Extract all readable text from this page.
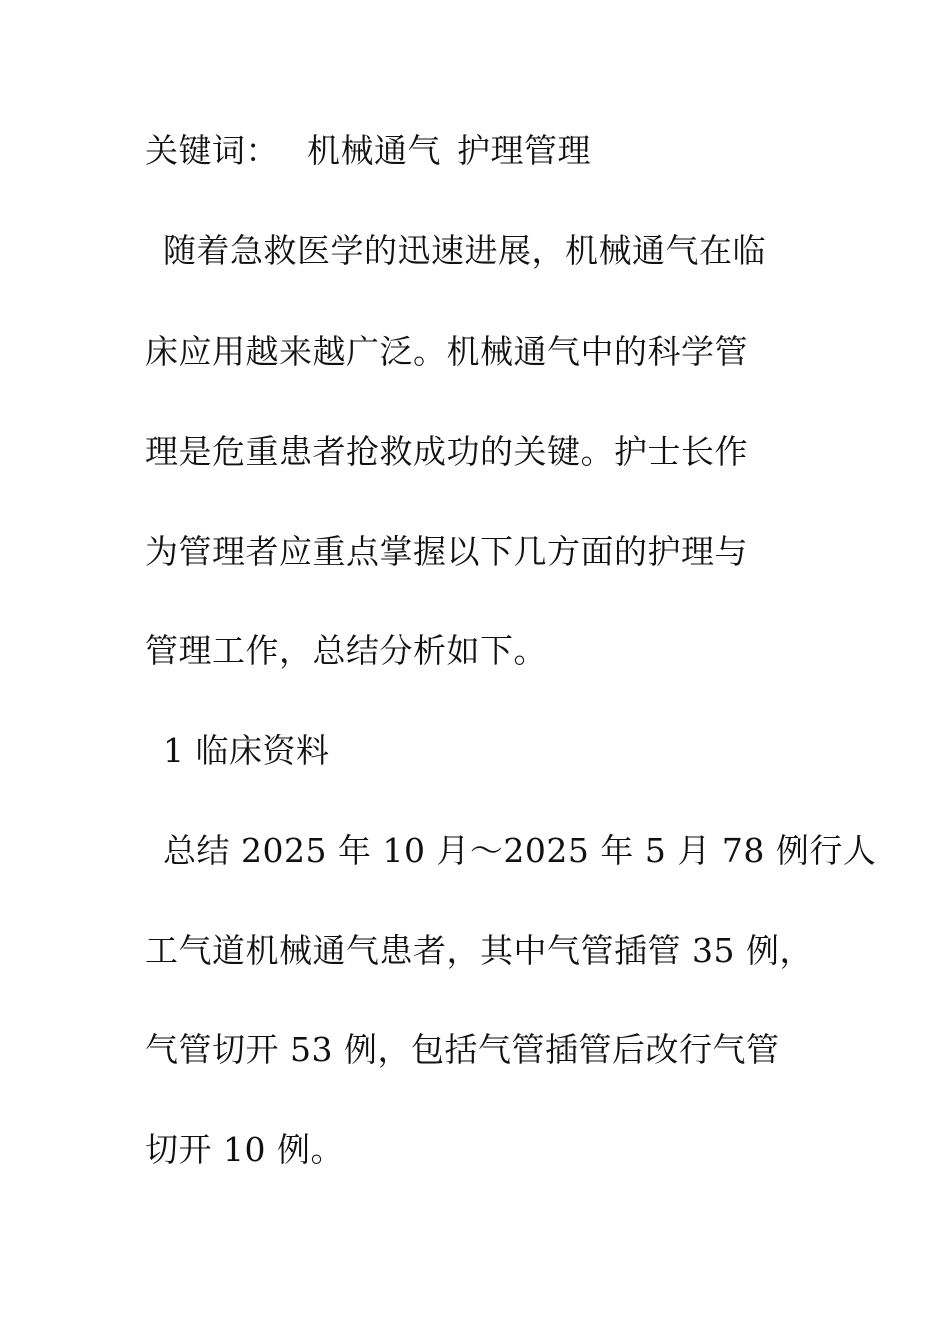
关键词： 机械通气 护理管理
随着急救医学的迅速进展，机械通气在临
床应用越来越广泛。机械通气中的科学管
理是危重患者抢救成功的关键。护士长作
为管理者应重点掌握以下几方面的护理与
管理工作，总结分析如下。
1 临床资料
总结 2025 年 10 月～2025 年 5 月 78 例行人
工气道机械通气患者，其中气管插管 35 例，
气管切开 53 例，包括气管插管后改行气管
切开 10 例。
